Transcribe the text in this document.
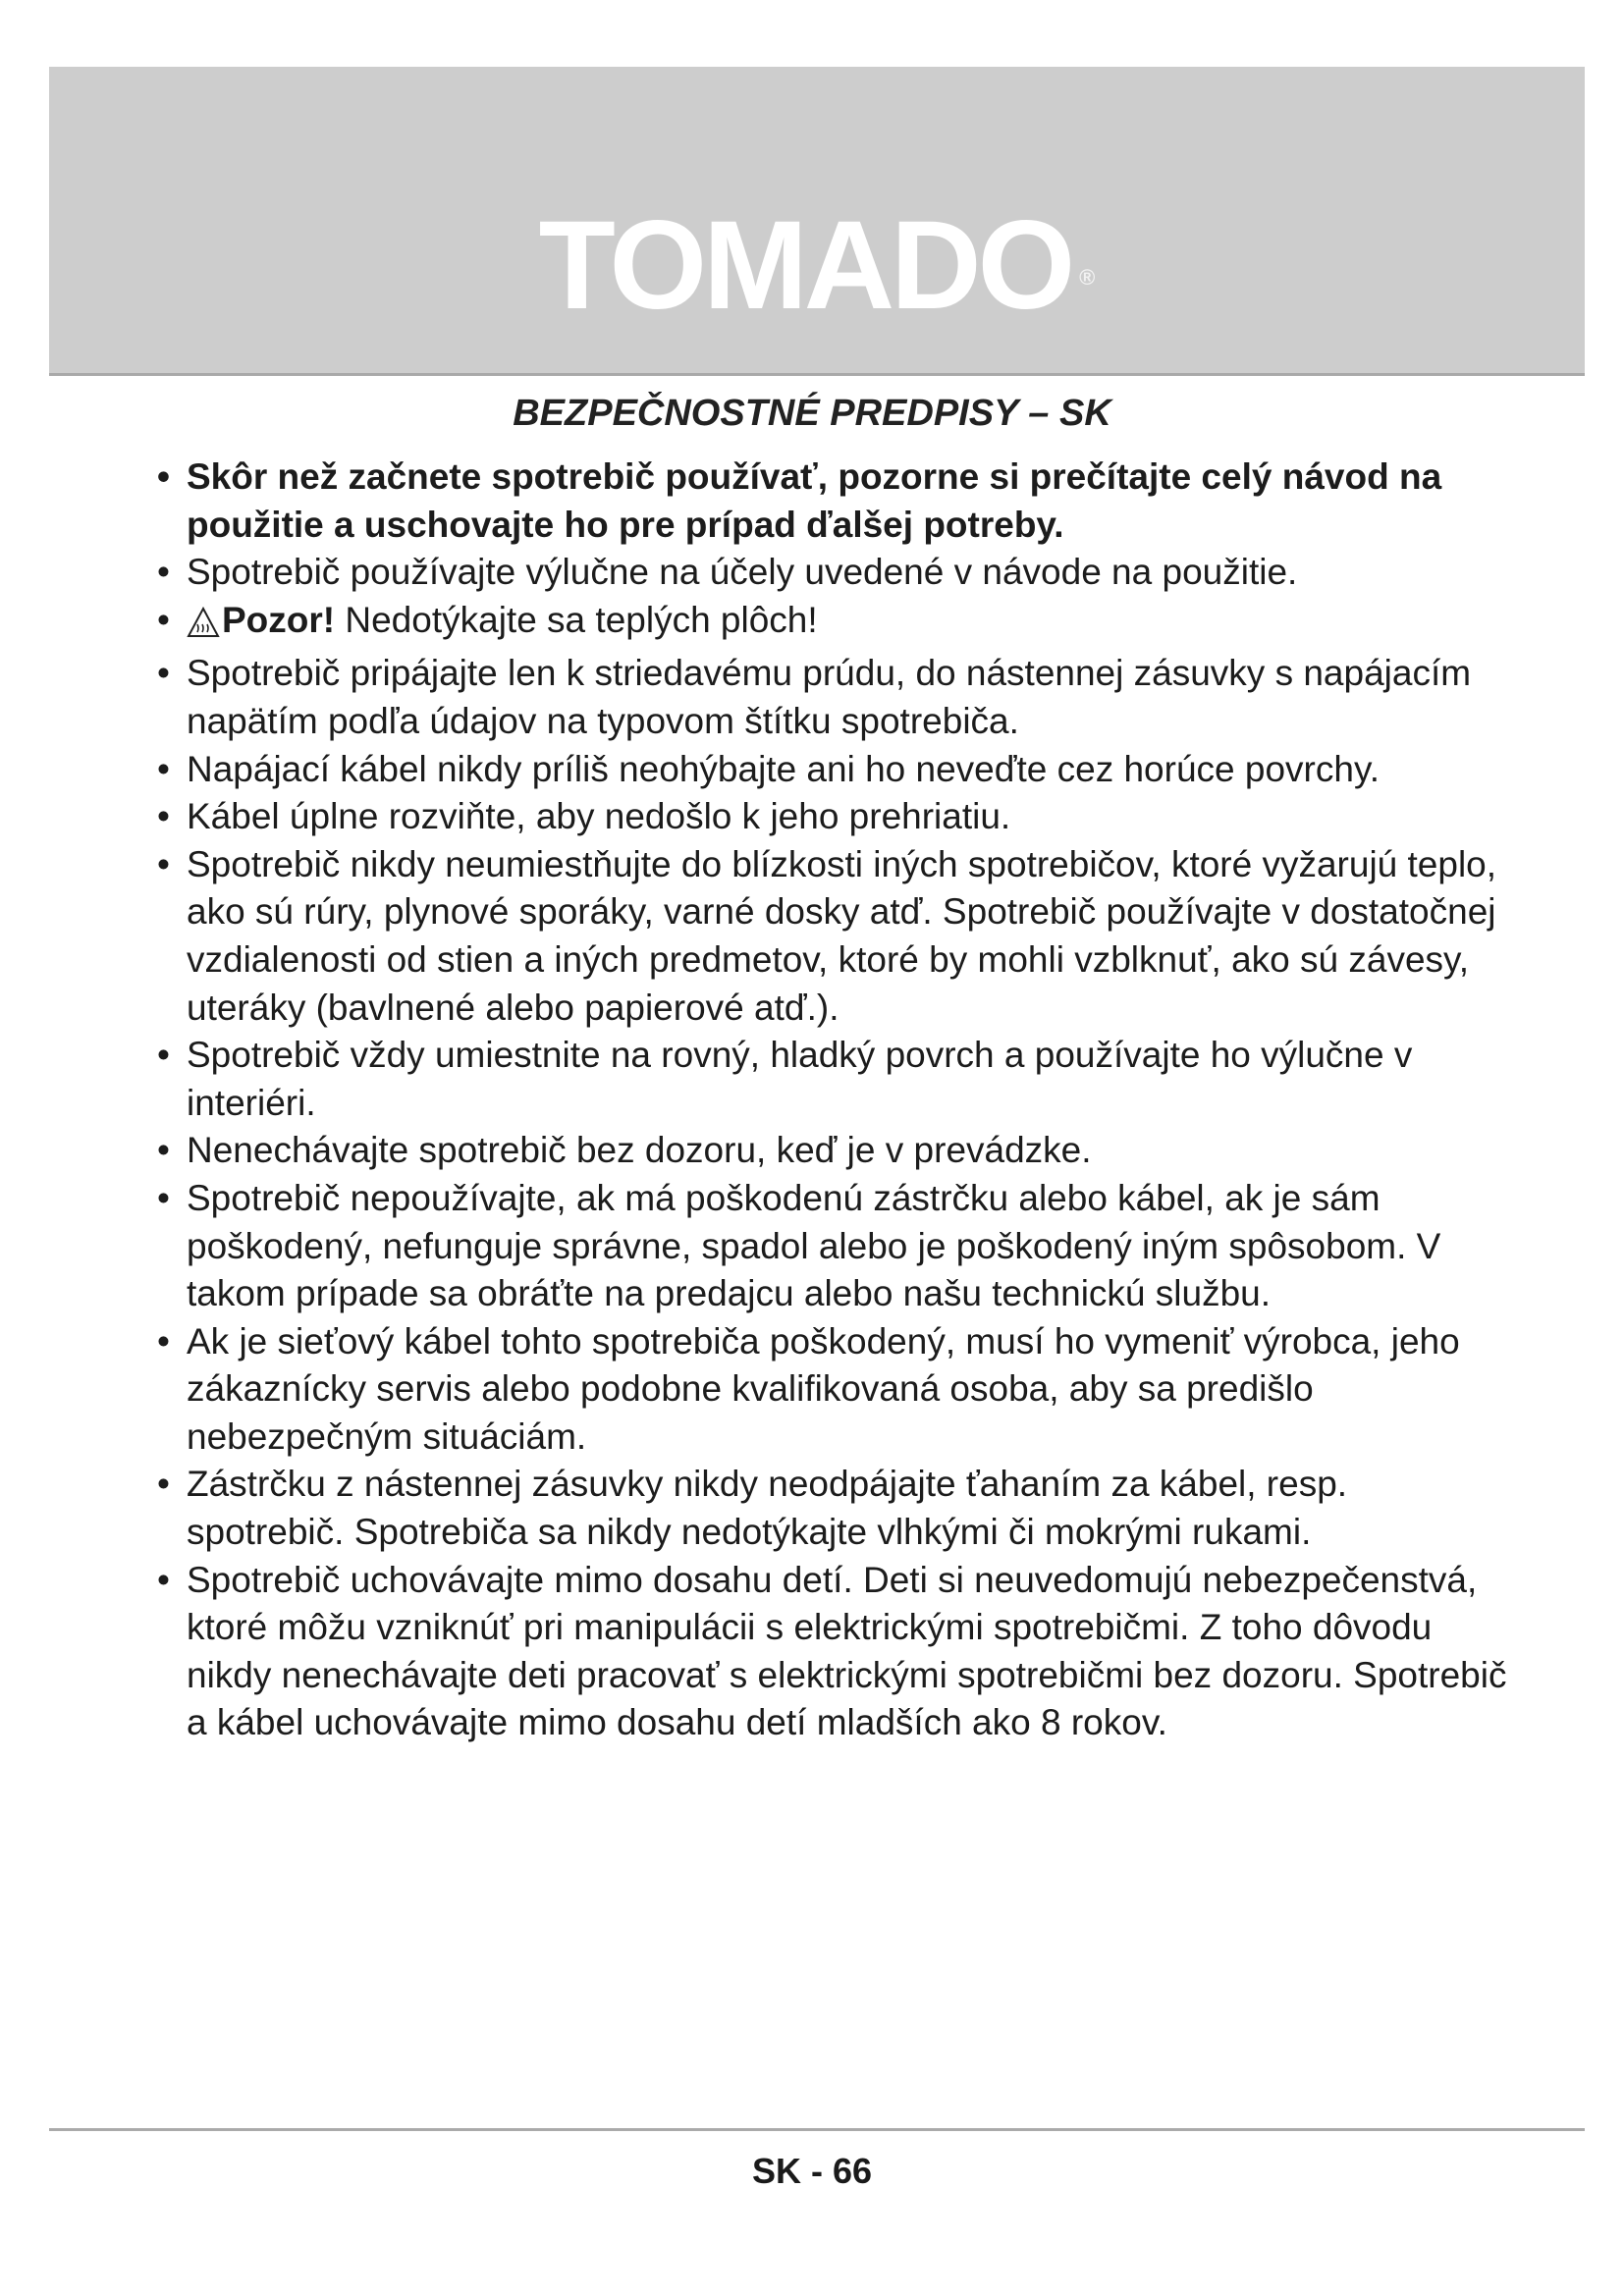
TOMADO ®
BEZPEČNOSTNÉ PREDPISY – SK
• Skôr než začnete spotrebič používať, pozorne si prečítajte celý návod na použitie a uschovajte ho pre prípad ďalšej potreby.
• Spotrebič používajte výlučne na účely uvedené v návode na použitie.
• Pozor! Nedotýkajte sa teplých plôch!
• Spotrebič pripájajte len k striedavému prúdu, do nástennej zásuvky s napájacím napätím podľa údajov na typovom štítku spotrebiča.
• Napájací kábel nikdy príliš neohýbajte ani ho neveďte cez horúce povrchy.
• Kábel úplne rozviňte, aby nedošlo k jeho prehriatiu.
• Spotrebič nikdy neumiestňujte do blízkosti iných spotrebičov, ktoré vyžarujú teplo, ako sú rúry, plynové sporáky, varné dosky atď. Spotrebič používajte v dostatočnej vzdialenosti od stien a iných predmetov, ktoré by mohli vzblknuť, ako sú závesy, uteráky (bavlnené alebo papierové atď.).
• Spotrebič vždy umiestnite na rovný, hladký povrch a používajte ho výlučne v interiéri.
• Nenechávajte spotrebič bez dozoru, keď je v prevádzke.
• Spotrebič nepoužívajte, ak má poškodenú zástrčku alebo kábel, ak je sám poškodený, nefunguje správne, spadol alebo je poškodený iným spôsobom. V takom prípade sa obráťte na predajcu alebo našu technickú službu.
• Ak je sieťový kábel tohto spotrebiča poškodený, musí ho vymeniť výrobca, jeho zákaznícky servis alebo podobne kvalifikovaná osoba, aby sa predišlo nebezpečným situáciám.
• Zástrčku z nástennej zásuvky nikdy neodpájajte ťahaním za kábel, resp. spotrebič. Spotrebiča sa nikdy nedotýkajte vlhkými či mokrými rukami.
• Spotrebič uchovávajte mimo dosahu detí. Deti si neuvedomujú nebezpečenstvá, ktoré môžu vzniknúť pri manipulácii s elektrickými spotrebičmi. Z toho dôvodu nikdy nenechávajte deti pracovať s elektrickými spotrebičmi bez dozoru. Spotrebič a kábel uchovávajte mimo dosahu detí mladších ako 8 rokov.
SK - 66
